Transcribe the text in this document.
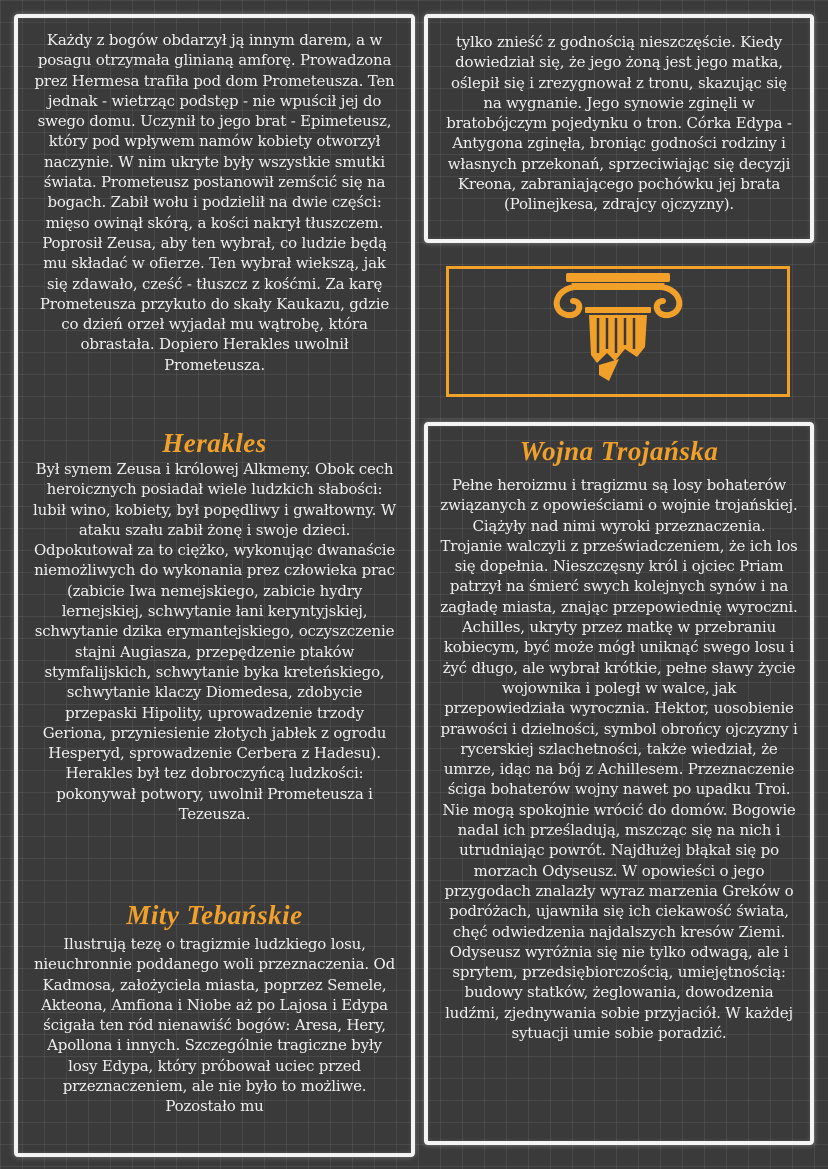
Każdy z bogów obdarzył ją innym darem, a w posagu otrzymała glinianą amforę. Prowadzona prez Hermesa trafiła pod dom Prometeusza. Ten jednak - wietrząc podstęp - nie wpuścił jej do swego domu. Uczynił to jego brat - Epimeteusz, który pod wpływem namów kobiety otworzył naczynie. W nim ukryte były wszystkie smutki świata. Prometeusz postanowił zemścić się na bogach. Zabił wołu i podzielił na dwie części: mięso owinął skórą, a kości nakrył tłuszczem. Poprosił Zeusa, aby ten wybrał, co ludzie będą mu składać w ofierze. Ten wybrał wiekszą, jak się zdawało, cześć - tłuszcz z kośćmi. Za karę Prometeusza przykuto do skały Kaukazu, gdzie co dzień orzeł wyjadał mu wątrobę, która obrastała. Dopiero Herakles uwolnił Prometeusza.

Herakles

Był synem Zeusa i królowej Alkmeny. Obok cech heroicznych posiadał wiele ludzkich słabości: lubił wino, kobiety, był popędliwy i gwałtowny. W ataku szału zabił żonę i swoje dzieci. Odpokutował za to ciężko, wykonując dwanaście niemożliwych do wykonania prez człowieka prac (zabicie Iwa nemejskiego, zabicie hydry lernejskiej, schwytanie łani keryntyjskiej, schwytanie dzika erymantejskiego, oczyszczenie stajni Augiasza, przepędzenie ptaków stymfalijskich, schwytanie byka kreteńskiego, schwytanie klaczy Diomedesa, zdobycie przepaski Hipolity, uprowadzenie trzody Geriona, przyniesienie złotych jabłek z ogrodu Hesperyd, sprowadzenie Cerbera z Hadesu). Herakles był tez dobroczyńcą ludzkości: pokonywał potwory, uwolnił Prometeusza i Tezeusza.

Mity Tebańskie

Ilustrują tezę o tragizmie ludzkiego losu, nieuchronnie poddanego woli przeznaczenia. Od Kadmosa, założyciela miasta, poprzez Semele, Akteona, Amfiona i Niobe aż po Lajosa i Edypa ścigała ten ród nienawiść bogów: Aresa, Hery, Apollona i innych. Szczególnie tragiczne były losy Edypa, który próbował uciec przed przeznaczeniem, ale nie było to możliwe. Pozostało mu

tylko znieść z godnością nieszczęście. Kiedy dowiedział się, że jego żoną jest jego matka, oślepił się i zrezygnował z tronu, skazując się na wygnanie. Jego synowie zginęli w bratobójczym pojedynku o tron. Córka Edypa - Antygona zginęła, broniąc godności rodziny i własnych przekonań, sprzeciwiając się decyzji Kreona, zabraniającego pochówku jej brata (Polinejkesa, zdrajcy ojczyzny).

Wojna Trojańska

Pełne heroizmu i tragizmu są losy bohaterów związanych z opowieściami o wojnie trojańskiej. Ciążyły nad nimi wyroki przeznaczenia. Trojanie walczyli z przeświadczeniem, że ich los się dopełnia. Nieszczęsny król i ojciec Priam patrzył na śmierć swych kolejnych synów i na zagładę miasta, znając przepowiednię wyroczni. Achilles, ukryty przez matkę w przebraniu kobiecym, być może mógł uniknąć swego losu i żyć długo, ale wybrał krótkie, pełne sławy życie wojownika i poległ w walce, jak przepowiedziała wyrocznia. Hektor, uosobienie prawości i dzielności, symbol obrońcy ojczyzny i rycerskiej szlachetności, także wiedział, że umrze, idąc na bój z Achillesem. Przeznaczenie ściga bohaterów wojny nawet po upadku Troi. Nie mogą spokojnie wrócić do domów. Bogowie nadal ich prześladują, mszcząc się na nich i utrudniając powrót. Najdłużej błąkał się po morzach Odyseusz. W opowieści o jego przygodach znalazły wyraz marzenia Greków o podróżach, ujawniła się ich ciekawość świata, chęć odwiedzenia najdalszych kresów Ziemi. Odyseusz wyróżnia się nie tylko odwagą, ale i sprytem, przedsiębiorczością, umiejętnością: budowy statków, żeglowania, dowodzenia ludźmi, zjednywania sobie przyjaciół. W każdej sytuacji umie sobie poradzić.
